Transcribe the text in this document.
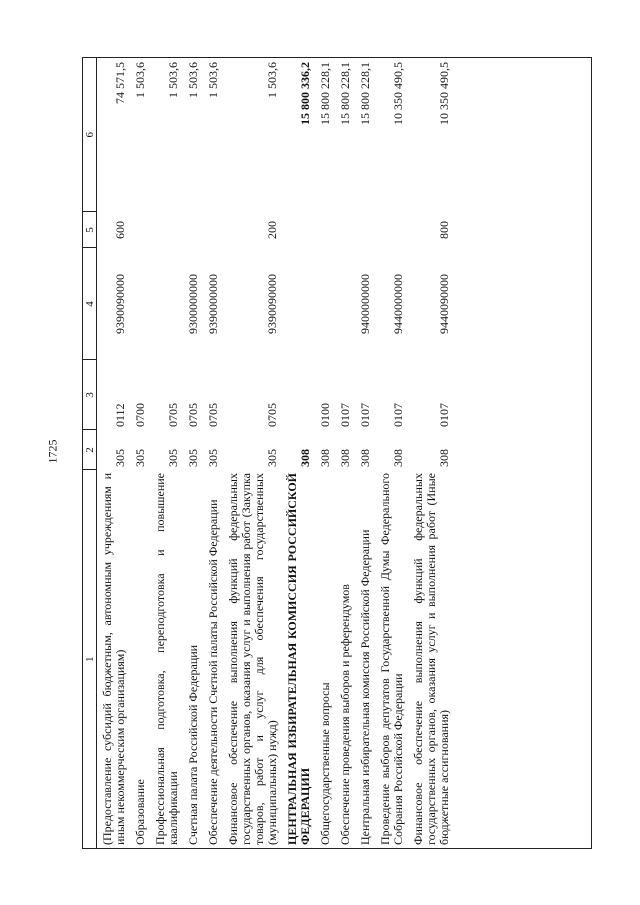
1725
1	2	3	4	5	6
(Предоставление субсидий бюджетным, автономным учреждениям и иным некоммерческим организациям)	305	0112	9390090000	600	74 571,5
Образование	305	0700			1 503,6
Профессиональная подготовка, переподготовка и повышение квалификации	305	0705			1 503,6
Счетная палата Российской Федерации	305	0705	9300000000		1 503,6
Обеспечение деятельности Счетной палаты Российской Федерации	305	0705	9390000000		1 503,6
Финансовое обеспечение выполнения функций федеральных государственных органов, оказания услуг и выполнения работ (Закупка товаров, работ и услуг для обеспечения государственных (муниципальных) нужд)	305	0705	9390090000	200	1 503,6
ЦЕНТРАЛЬНАЯ ИЗБИРАТЕЛЬНАЯ КОМИССИЯ РОССИЙСКОЙ ФЕДЕРАЦИИ	308				15 800 336,2
Общегосударственные вопросы	308	0100			15 800 228,1
Обеспечение проведения выборов и референдумов	308	0107			15 800 228,1
Центральная избирательная комиссия Российской Федерации	308	0107	9400000000		15 800 228,1
Проведение выборов депутатов Государственной Думы Федерального Собрания Российской Федерации	308	0107	9440000000		10 350 490,5
Финансовое обеспечение выполнения функций федеральных государственных органов, оказания услуг и выполнения работ (Иные бюджетные ассигнования)	308	0107	9440090000	800	10 350 490,5
